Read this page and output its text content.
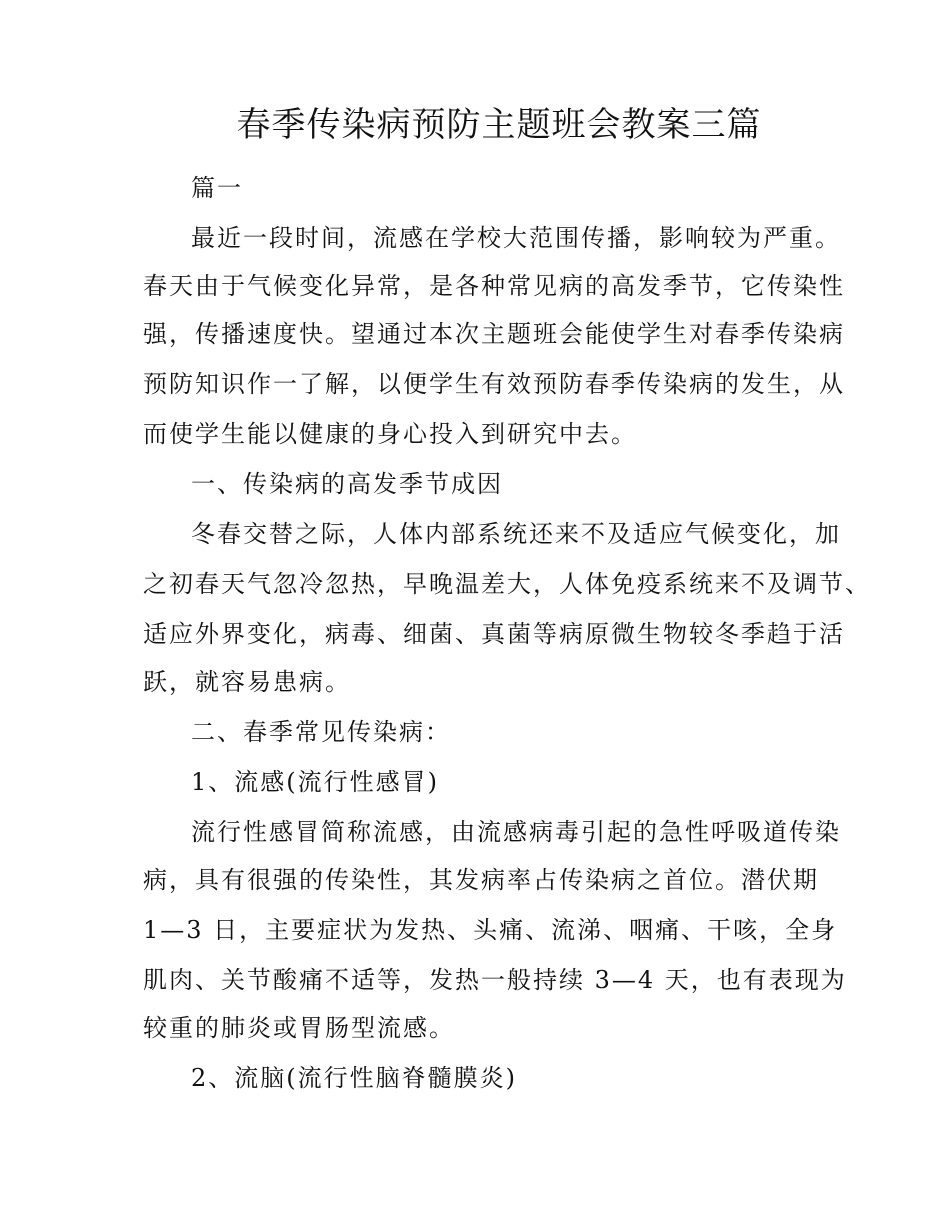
春季传染病预防主题班会教案三篇
篇一
最近一段时间，流感在学校大范围传播，影响较为严重。
春天由于气候变化异常，是各种常见病的高发季节，它传染性
强，传播速度快。望通过本次主题班会能使学生对春季传染病
预防知识作一了解，以便学生有效预防春季传染病的发生，从
而使学生能以健康的身心投入到研究中去。
一、传染病的高发季节成因
冬春交替之际，人体内部系统还来不及适应气候变化，加
之初春天气忽冷忽热，早晚温差大，人体免疫系统来不及调节、
适应外界变化，病毒、细菌、真菌等病原微生物较冬季趋于活
跃，就容易患病。
二、春季常见传染病：
1、流感(流行性感冒)
流行性感冒简称流感，由流感病毒引起的急性呼吸道传染
病，具有很强的传染性，其发病率占传染病之首位。潜伏期
1—3 日，主要症状为发热、头痛、流涕、咽痛、干咳，全身
肌肉、关节酸痛不适等，发热一般持续 3—4 天，也有表现为
较重的肺炎或胃肠型流感。
2、流脑(流行性脑脊髓膜炎)
